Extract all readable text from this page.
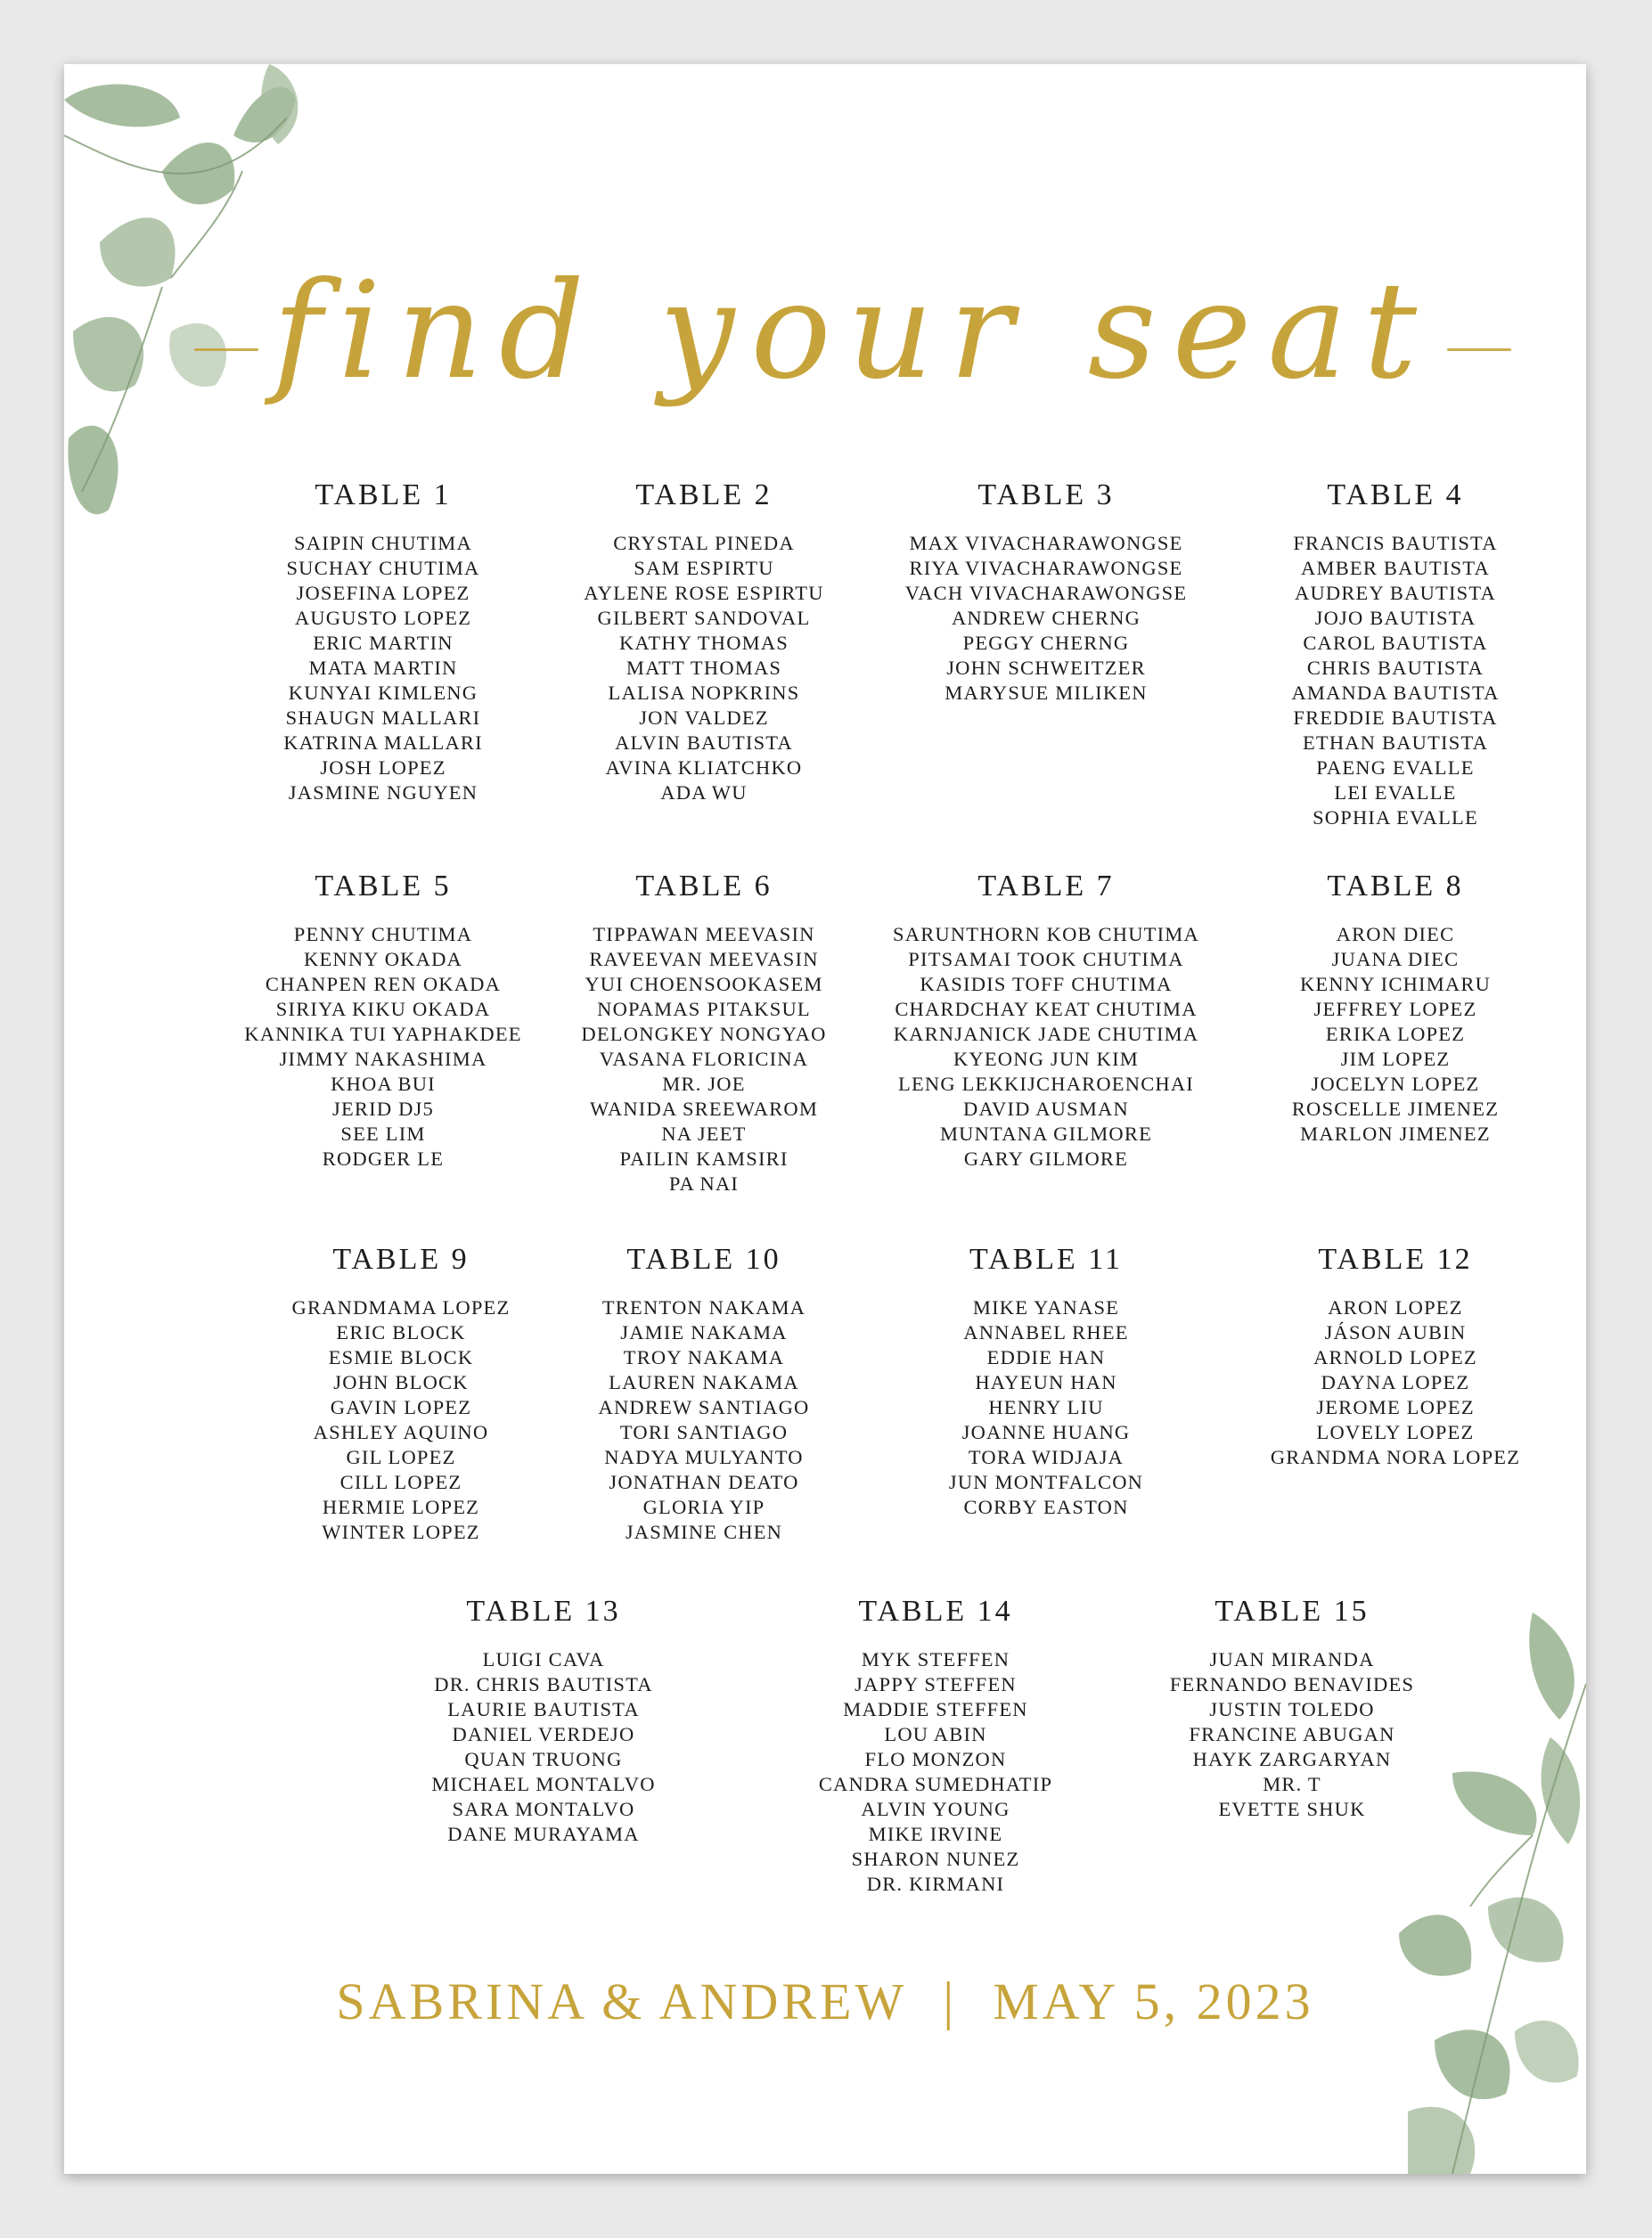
find your seat
TABLE 1
SAIPIN CHUTIMA
SUCHAY CHUTIMA
JOSEFINA LOPEZ
AUGUSTO LOPEZ
ERIC MARTIN
MATA MARTIN
KUNYAI KIMLENG
SHAUGN MALLARI
KATRINA MALLARI
JOSH LOPEZ
JASMINE NGUYEN
TABLE 2
CRYSTAL PINEDA
SAM ESPIRTU
AYLENE ROSE ESPIRTU
GILBERT SANDOVAL
KATHY THOMAS
MATT THOMAS
LALISA NOPKRINS
JON VALDEZ
ALVIN BAUTISTA
AVINA KLIATCHKO
ADA WU
TABLE 3
MAX VIVACHARAWONGSE
RIYA VIVACHARAWONGSE
VACH VIVACHARAWONGSE
ANDREW CHERNG
PEGGY CHERNG
JOHN SCHWEITZER
MARYSUE MILIKEN
TABLE 4
FRANCIS BAUTISTA
AMBER BAUTISTA
AUDREY BAUTISTA
JOJO BAUTISTA
CAROL BAUTISTA
CHRIS BAUTISTA
AMANDA BAUTISTA
FREDDIE BAUTISTA
ETHAN BAUTISTA
PAENG EVALLE
LEI EVALLE
SOPHIA EVALLE
TABLE 5
PENNY CHUTIMA
KENNY OKADA
CHANPEN REN OKADA
SIRIYA KIKU OKADA
KANNIKA TUI YAPHAKDEE
JIMMY NAKASHIMA
KHOA BUI
JERID DJ5
SEE LIM
RODGER LE
TABLE 6
TIPPAWAN MEEVASIN
RAVEEVAN MEEVASIN
YUI CHOENSOOKASEM
NOPAMAS PITAKSUL
DELONGKEY NONGYAO
VASANA FLORICINA
MR. JOE
WANIDA SREEWAROM
NA JEET
PAILIN KAMSIRI
PA NAI
TABLE 7
SARUNTHORN KOB CHUTIMA
PITSAMAI TOOK CHUTIMA
KASIDIS TOFF CHUTIMA
CHARDCHAY KEAT CHUTIMA
KARNJANICK JADE CHUTIMA
KYEONG JUN KIM
LENG LEKKIJCHAROENCHAI
DAVID AUSMAN
MUNTANA GILMORE
GARY GILMORE
TABLE 8
ARON DIEC
JUANA DIEC
KENNY ICHIMARU
JEFFREY LOPEZ
ERIKA LOPEZ
JIM LOPEZ
JOCELYN LOPEZ
ROSCELLE JIMENEZ
MARLON JIMENEZ
TABLE 9
GRANDMAMA LOPEZ
ERIC BLOCK
ESMIE BLOCK
JOHN BLOCK
GAVIN LOPEZ
ASHLEY AQUINO
GIL LOPEZ
CILL LOPEZ
HERMIE LOPEZ
WINTER LOPEZ
TABLE 10
TRENTON NAKAMA
JAMIE NAKAMA
TROY NAKAMA
LAUREN NAKAMA
ANDREW SANTIAGO
TORI SANTIAGO
NADYA MULYANTO
JONATHAN DEATO
GLORIA YIP
JASMINE CHEN
TABLE 11
MIKE YANASE
ANNABEL RHEE
EDDIE HAN
HAYEUN HAN
HENRY LIU
JOANNE HUANG
TORA WIDJAJA
JUN MONTFALCON
CORBY EASTON
TABLE 12
ARON LOPEZ
JÁSON AUBIN
ARNOLD LOPEZ
DAYNA LOPEZ
JEROME LOPEZ
LOVELY LOPEZ
GRANDMA NORA LOPEZ
TABLE 13
LUIGI CAVA
DR. CHRIS BAUTISTA
LAURIE BAUTISTA
DANIEL VERDEJO
QUAN TRUONG
MICHAEL MONTALVO
SARA MONTALVO
DANE MURAYAMA
TABLE 14
MYK STEFFEN
JAPPY STEFFEN
MADDIE STEFFEN
LOU ABIN
FLO MONZON
CANDRA SUMEDHATIP
ALVIN YOUNG
MIKE IRVINE
SHARON NUNEZ
DR. KIRMANI
TABLE 15
JUAN MIRANDA
FERNANDO BENAVIDES
JUSTIN TOLEDO
FRANCINE ABUGAN
HAYK ZARGARYAN
MR. T
EVETTE SHUK
SABRINA & ANDREW | MAY 5, 2023
